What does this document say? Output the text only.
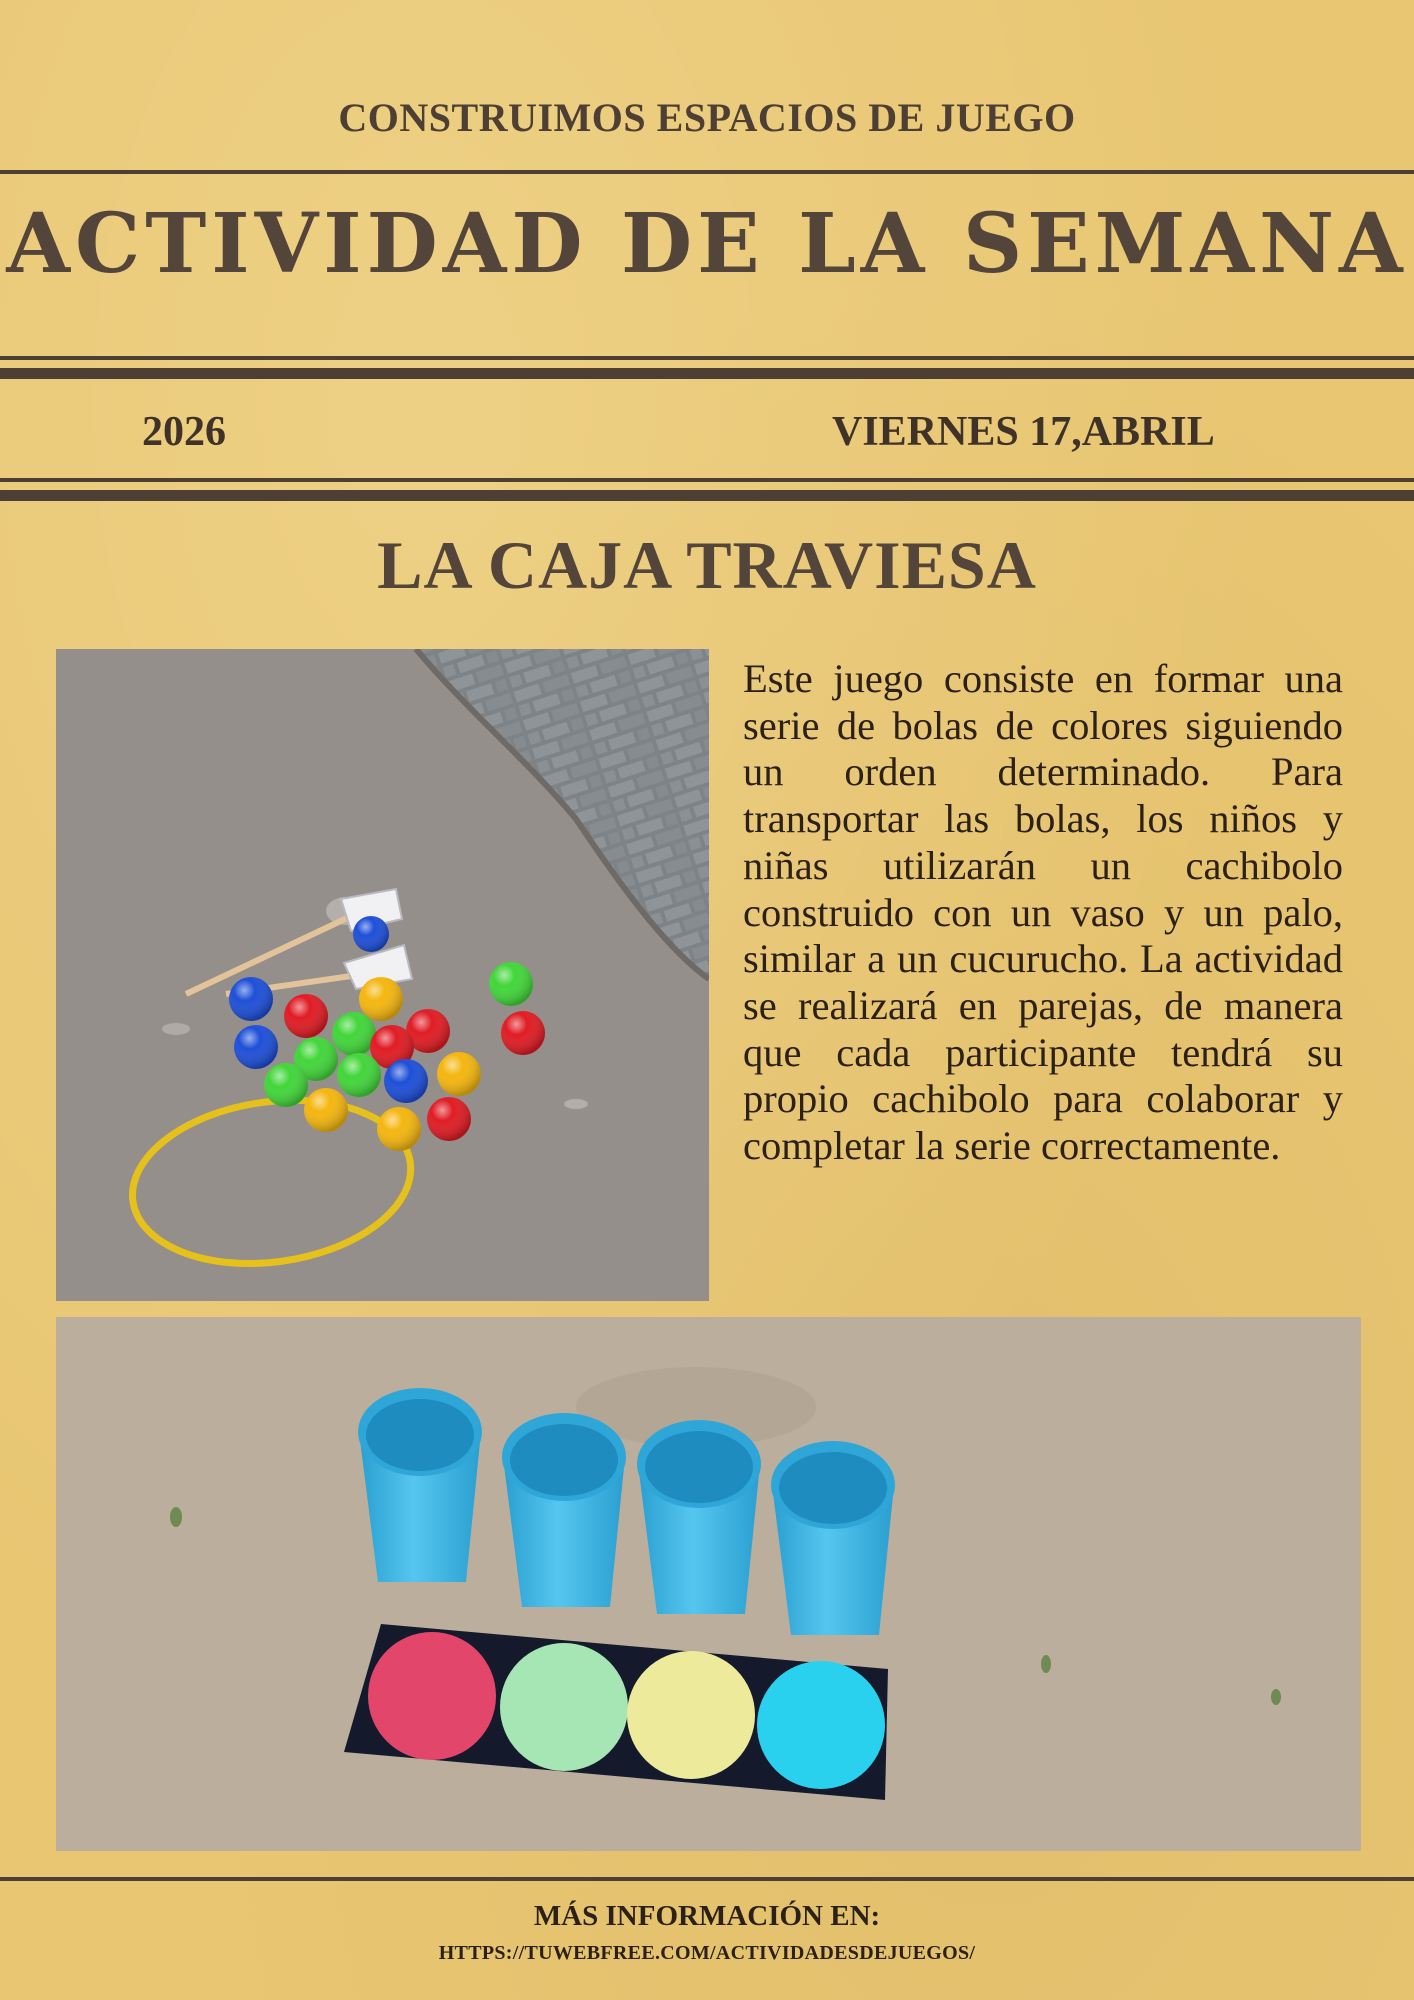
CONSTRUIMOS ESPACIOS DE JUEGO
ACTIVIDAD DE LA SEMANA
2026	VIERNES 17,ABRIL
LA CAJA TRAVIESA

Este juego consiste en formar una serie de bolas de colores siguiendo un orden determinado. Para transportar las bolas, los niños y niñas utilizarán un cachibolo construido con un vaso y un palo, similar a un cucurucho. La actividad se realizará en parejas, de manera que cada participante tendrá su propio cachibolo para colaborar y completar la serie correctamente.

MÁS INFORMACIÓN EN:
HTTPS://TUWEBFREE.COM/ACTIVIDADESDEJUEGOS/
